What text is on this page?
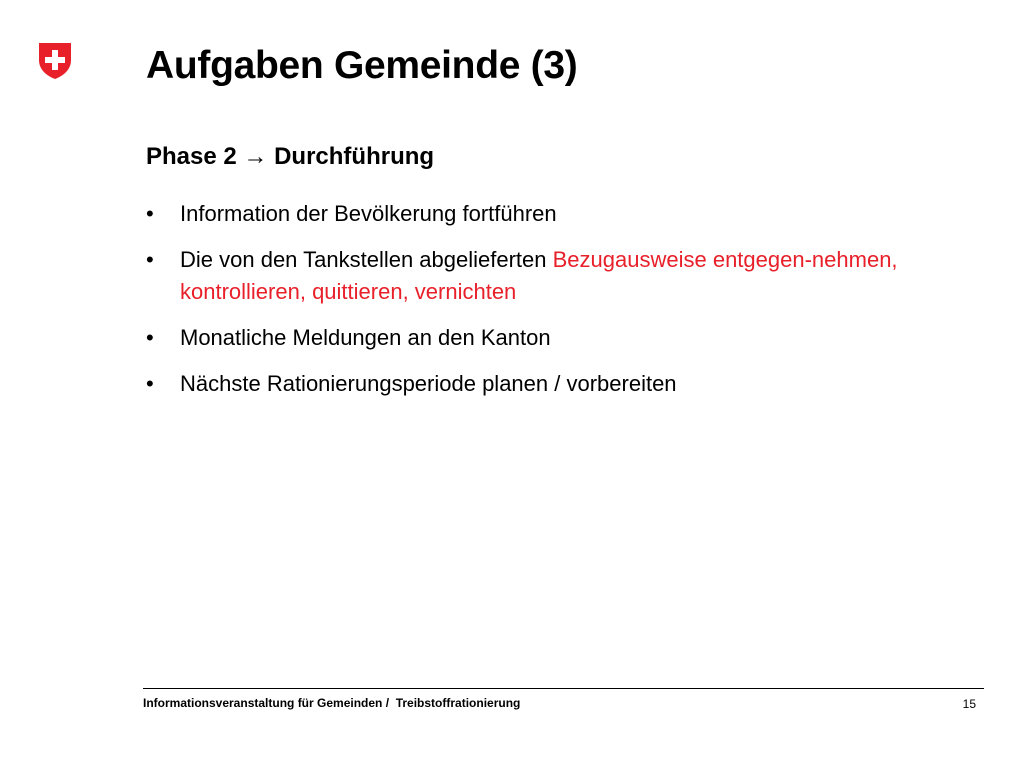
Aufgaben Gemeinde (3)
Phase 2 → Durchführung
• Information der Bevölkerung fortführen
• Die von den Tankstellen abgelieferten Bezugausweise entgegen-nehmen, kontrollieren, quittieren, vernichten
• Monatliche Meldungen an den Kanton
• Nächste Rationierungsperiode planen / vorbereiten
Informationsveranstaltung für Gemeinden /  Treibstoffrationierung	15
